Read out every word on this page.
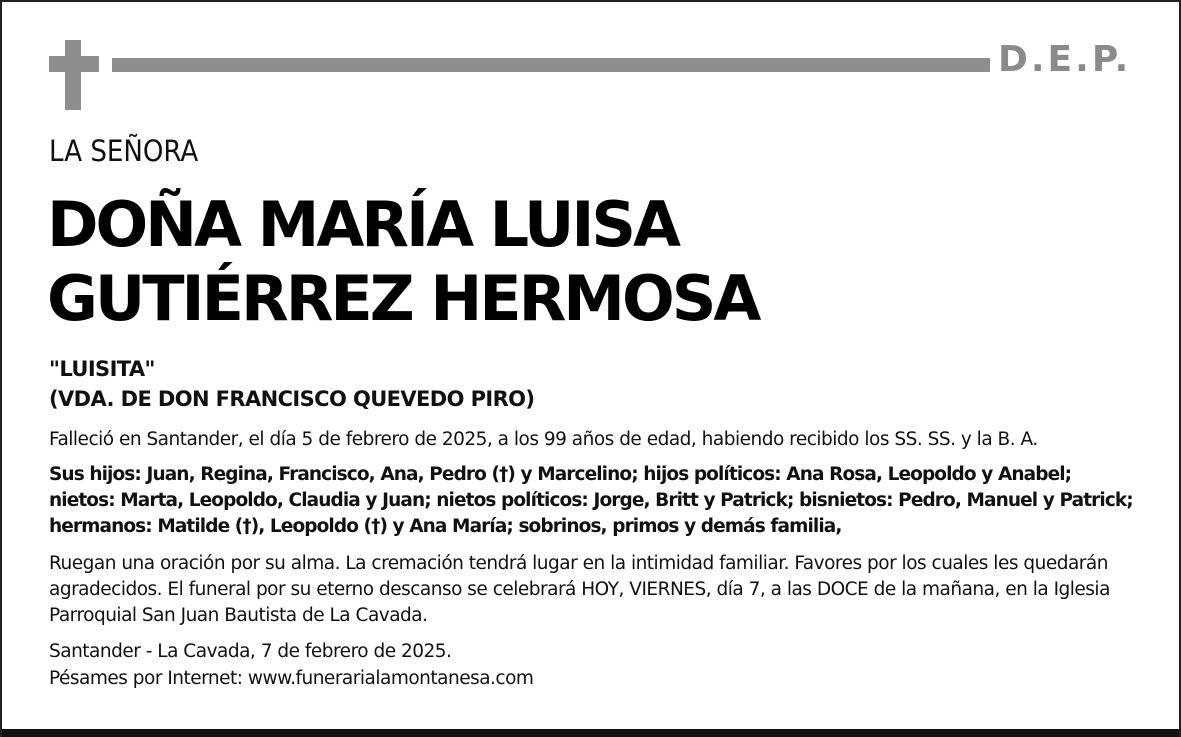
D.E.P.
LA SEÑORA
DOÑA MARÍA LUISA
GUTIÉRREZ HERMOSA
"LUISITA"
(VDA. DE DON FRANCISCO QUEVEDO PIRO)

Falleció en Santander, el día 5 de febrero de 2025, a los 99 años de edad, habiendo recibido los SS. SS. y la B. A.

Sus hijos: Juan, Regina, Francisco, Ana, Pedro (†) y Marcelino; hijos políticos: Ana Rosa, Leopoldo y Anabel; nietos: Marta, Leopoldo, Claudia y Juan; nietos políticos: Jorge, Britt y Patrick; bisnietos: Pedro, Manuel y Patrick; hermanos: Matilde (†), Leopoldo (†) y Ana María; sobrinos, primos y demás familia,

Ruegan una oración por su alma. La cremación tendrá lugar en la intimidad familiar. Favores por los cuales les quedarán agradecidos. El funeral por su eterno descanso se celebrará HOY, VIERNES, día 7, a las DOCE de la mañana, en la Iglesia Parroquial San Juan Bautista de La Cavada.

Santander - La Cavada, 7 de febrero de 2025.

Pésames por Internet: www.funerarialamontanesa.com
